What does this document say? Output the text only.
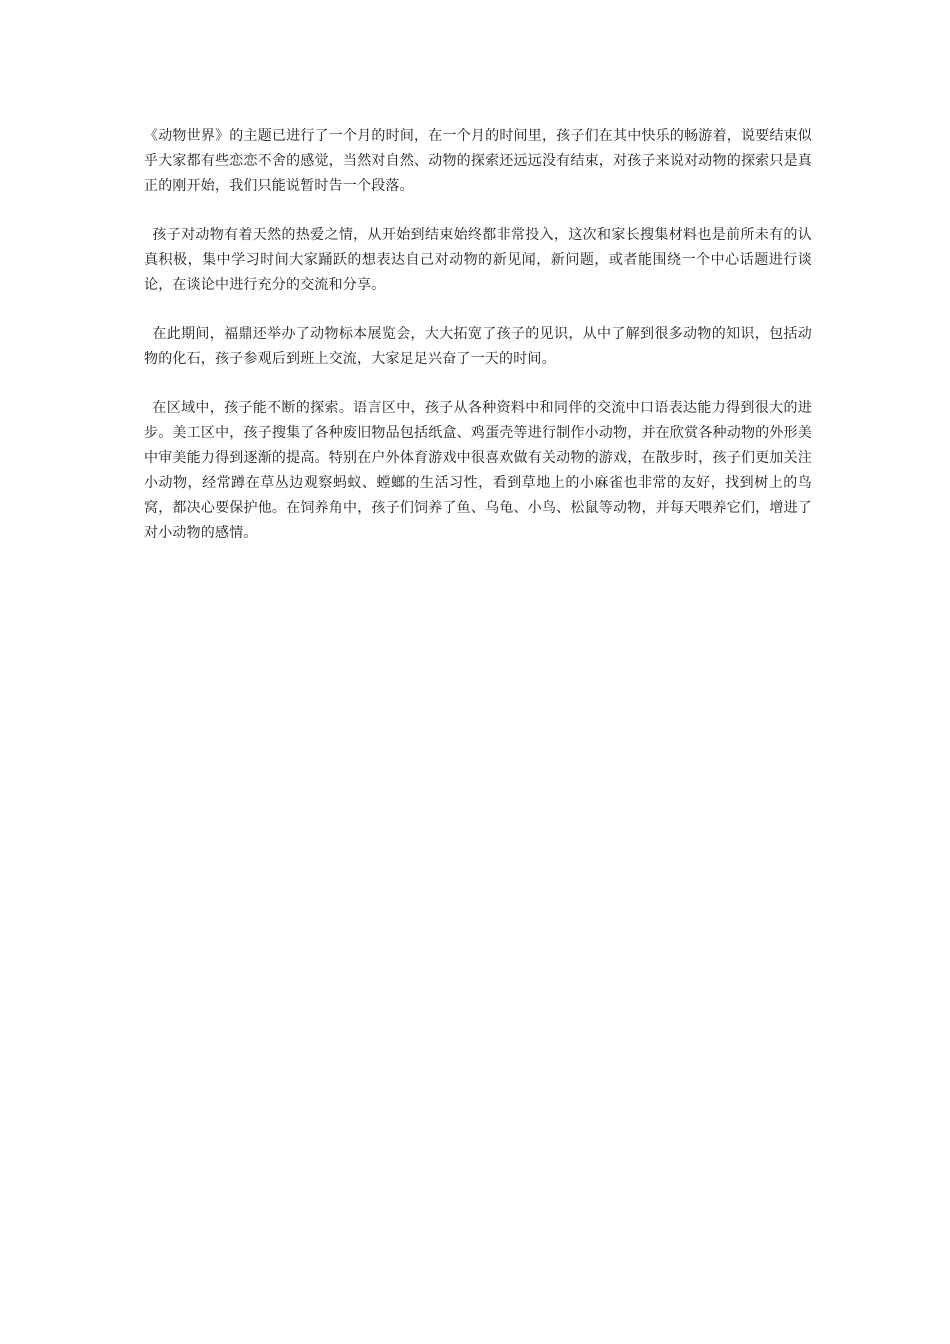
《动物世界》的主题已进行了一个月的时间，在一个月的时间里，孩子们在其中快乐的畅游着，说要结束似乎大家都有些恋恋不舍的感觉，当然对自然、动物的探索还远远没有结束，对孩子来说对动物的探索只是真正的刚开始，我们只能说暂时告一个段落。

孩子对动物有着天然的热爱之情，从开始到结束始终都非常投入，这次和家长搜集材料也是前所未有的认真积极，集中学习时间大家踊跃的想表达自己对动物的新见闻，新问题，或者能围绕一个中心话题进行谈论，在谈论中进行充分的交流和分享。

在此期间，福鼎还举办了动物标本展览会，大大拓宽了孩子的见识，从中了解到很多动物的知识，包括动物的化石，孩子参观后到班上交流，大家足足兴奋了一天的时间。

在区域中，孩子能不断的探索。语言区中，孩子从各种资料中和同伴的交流中口语表达能力得到很大的进步。美工区中，孩子搜集了各种废旧物品包括纸盒、鸡蛋壳等进行制作小动物，并在欣赏各种动物的外形美中审美能力得到逐渐的提高。特别在户外体育游戏中很喜欢做有关动物的游戏，在散步时，孩子们更加关注小动物，经常蹲在草丛边观察蚂蚁、螳螂的生活习性，看到草地上的小麻雀也非常的友好，找到树上的鸟窝，都决心要保护他。在饲养角中，孩子们饲养了鱼、乌龟、小鸟、松鼠等动物，并每天喂养它们，增进了对小动物的感情。
